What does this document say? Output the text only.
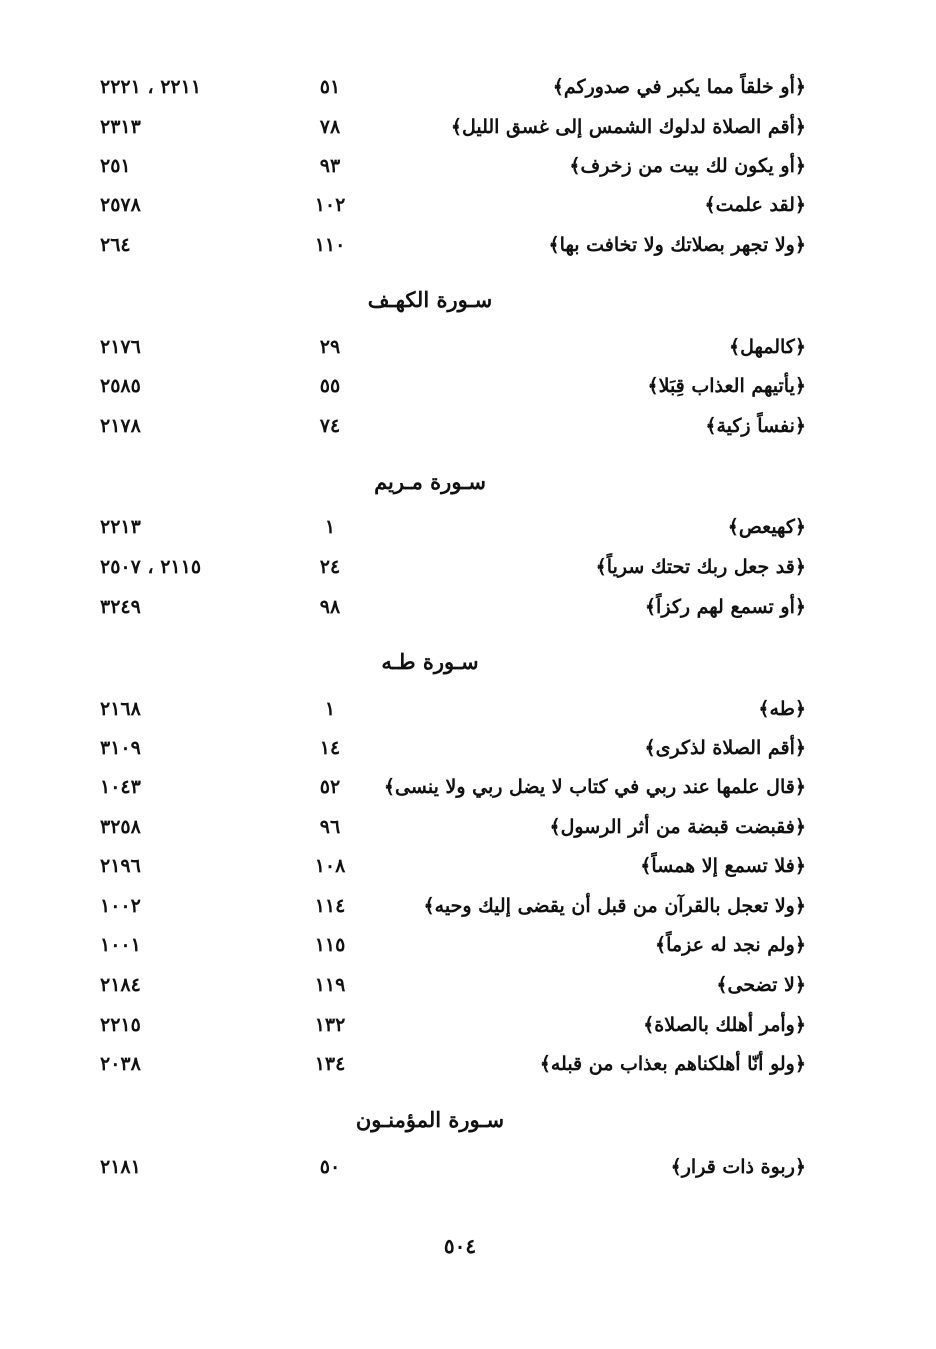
﴿أو خلقاً مما يكبر في صدوركم﴾
٥١
٢٢١١ ، ٢٢٢١
﴿أقم الصلاة لدلوك الشمس إلى غسق الليل﴾
٧٨
٢٣١٣
﴿أو يكون لك بيت من زخرف﴾
٩٣
٢٥١
﴿لقد علمت﴾
١٠٢
٢٥٧٨
﴿ولا تجهر بصلاتك ولا تخافت بها﴾
١١٠
٢٦٤
سـورة الكهـف
﴿كالمهل﴾
٢٩
٢١٧٦
﴿يأتيهم العذاب قِبَلا﴾
٥٥
٢٥٨٥
﴿نفساً زكية﴾
٧٤
٢١٧٨
سـورة مـريم
﴿كهيعص﴾
١
٢٢١٣
﴿قد جعل ربك تحتك سرياً﴾
٢٤
٢١١٥ ، ٢٥٠٧
﴿أو تسمع لهم ركزاً﴾
٩٨
٣٢٤٩
سـورة طـه
﴿طه﴾
١
٢١٦٨
﴿أقم الصلاة لذكرى﴾
١٤
٣١٠٩
﴿قال علمها عند ربي في كتاب لا يضل ربي ولا ينسى﴾
٥٢
١٠٤٣
﴿فقبضت قبضة من أثر الرسول﴾
٩٦
٣٢٥٨
﴿فلا تسمع إلا همساً﴾
١٠٨
٢١٩٦
﴿ولا تعجل بالقرآن من قبل أن يقضى إليك وحيه﴾
١١٤
١٠٠٢
﴿ولم نجد له عزماً﴾
١١٥
١٠٠١
﴿لا تضحى﴾
١١٩
٢١٨٤
﴿وأمر أهلك بالصلاة﴾
١٣٢
٢٢١٥
﴿ولو أنّا أهلكناهم بعذاب من قبله﴾
١٣٤
٢٠٣٨
سـورة المؤمنـون
﴿ربوة ذات قرار﴾
٥٠
٢١٨١
٥٠٤
